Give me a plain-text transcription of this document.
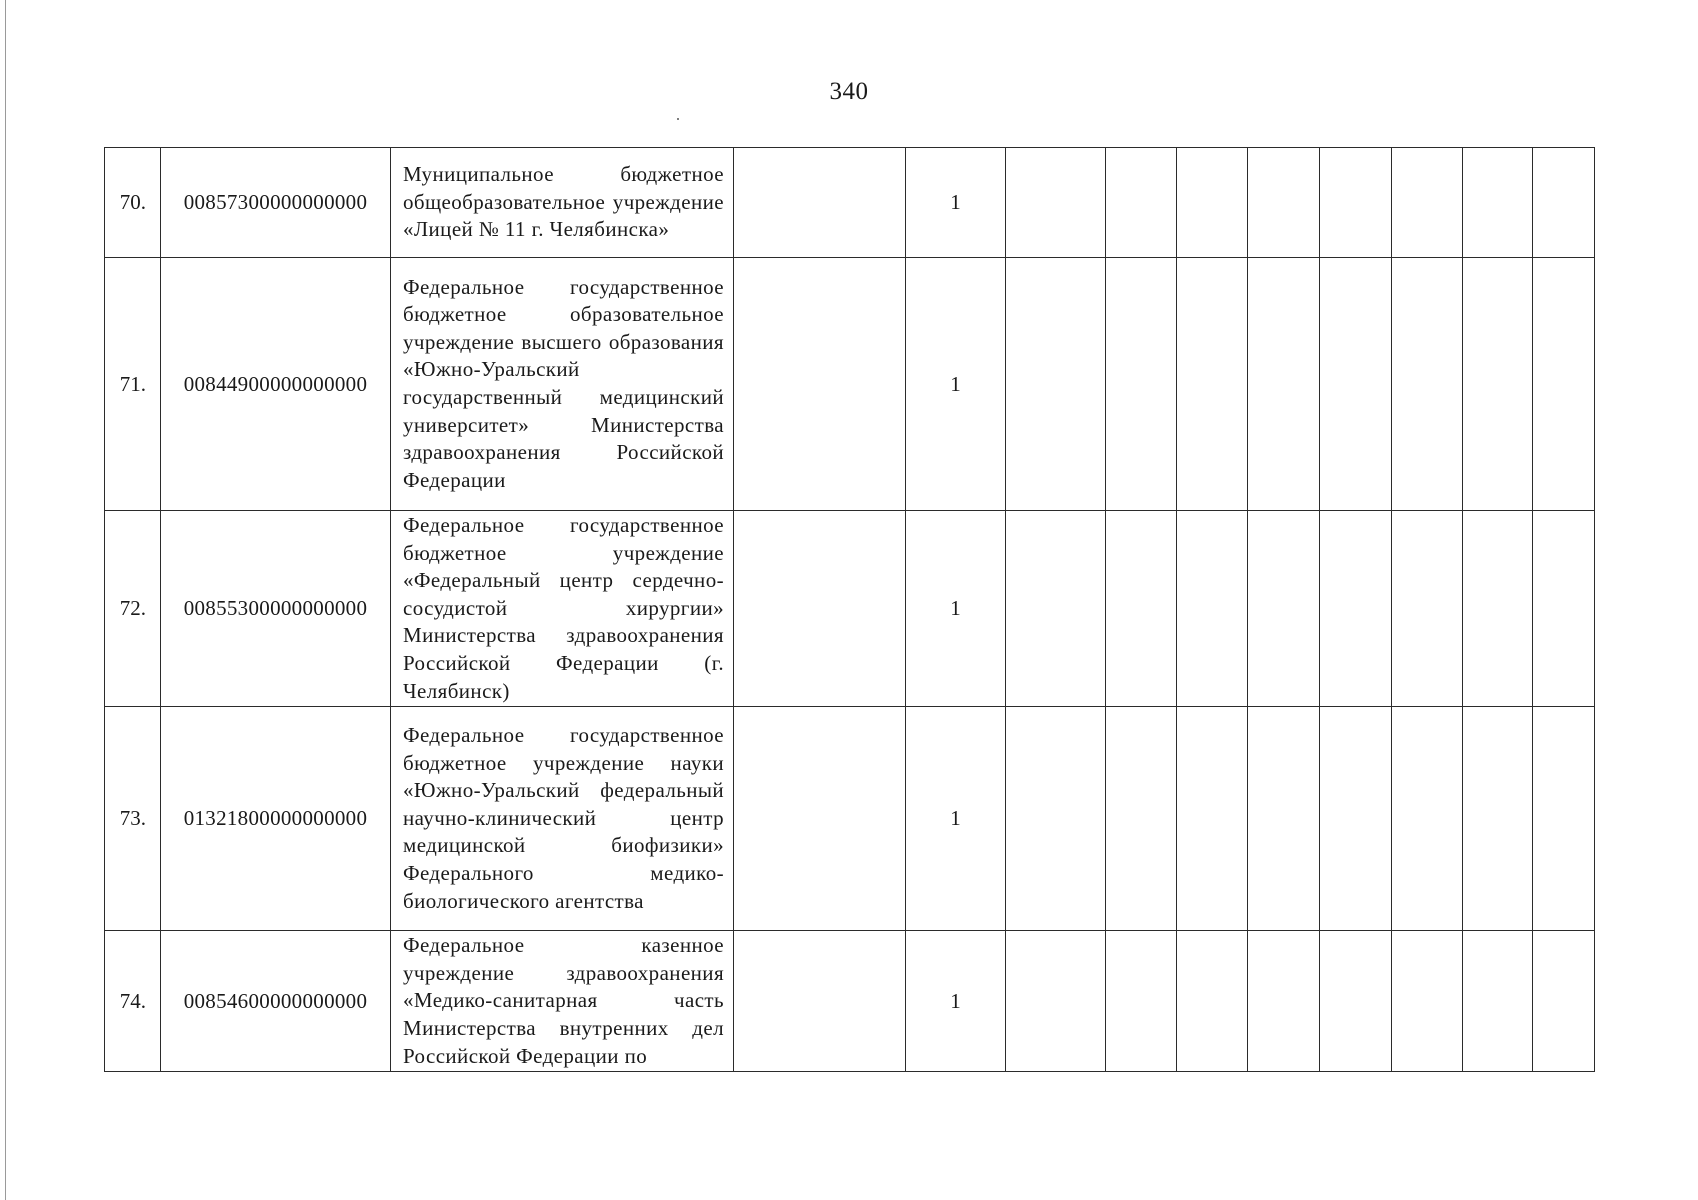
340
70.	00857300000000000	Муниципальное бюджетное общеобразовательное учреждение «Лицей № 11 г. Челябинска»		1								
71.	00844900000000000	Федеральное государственное бюджетное образовательное учреждение высшего образования «Южно-Уральский государственный медицинский университет» Министерства здравоохранения Российской Федерации		1								
72.	00855300000000000	Федеральное государственное бюджетное учреждение «Федеральный центр сердечно-сосудистой хирургии» Министерства здравоохранения Российской Федерации (г. Челябинск)		1								
73.	01321800000000000	Федеральное государственное бюджетное учреждение науки «Южно-Уральский федеральный научно-клинический центр медицинской биофизики» Федерального медико-биологического агентства		1								
74.	00854600000000000	Федеральное казенное учреждение здравоохранения «Медико-санитарная часть Министерства внутренних дел Российской Федерации по		1								
